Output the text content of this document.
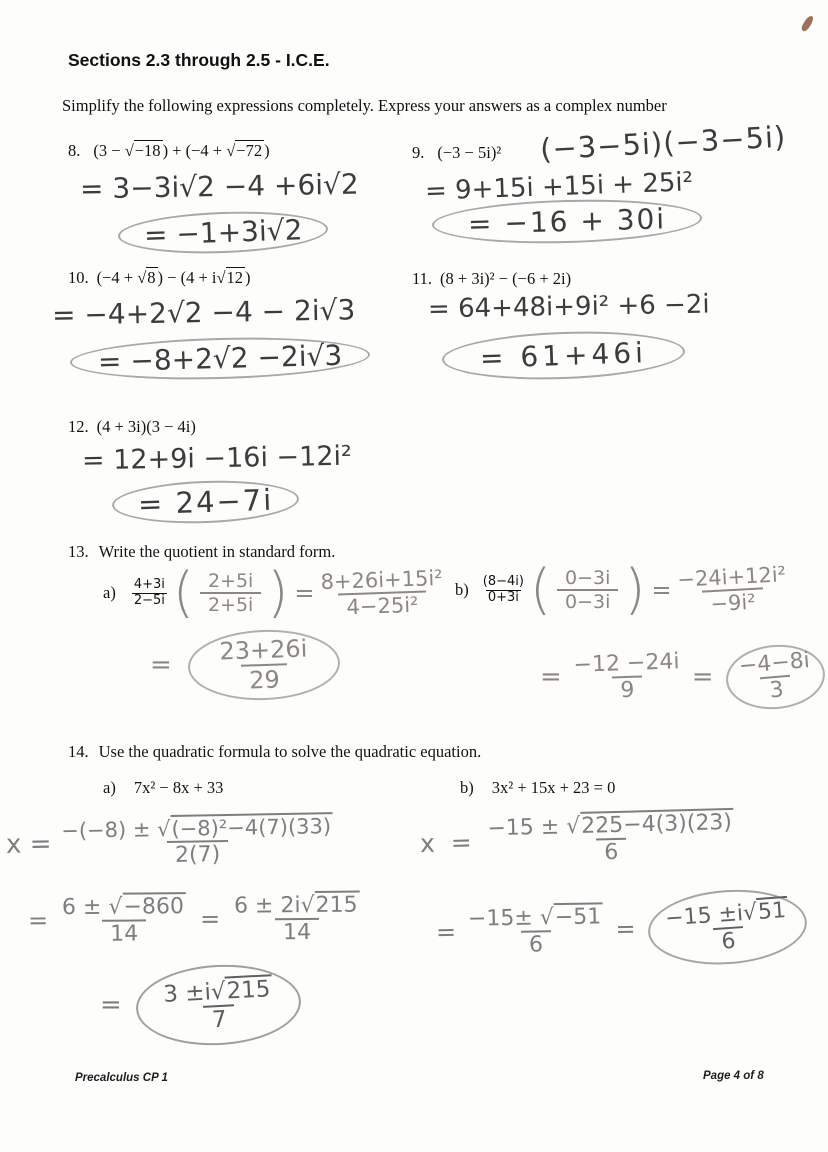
Sections 2.3 through 2.5 - I.C.E.
Simplify the following expressions completely. Express your answers as a complex number
8. (3 − √−18 ) + (−4 + √−72 )
= 3−3i√2 −4 +6i√2
= −1+3i√2
9. (−3 − 5i)² (−3−5i)(−3−5i)
= 9+15i +15i + 25i²
= −16 + 30i
10. (−4 + √8 ) − (4 + i√12 )
= −4+2√2 −4 − 2i√3
= −8+2√2 −2i√3
11. (8 + 3i)² − (−6 + 2i)
= 64+48i+9i² +6 −2i
= 61+46i
12. (4 + 3i)(3 − 4i)
= 12+9i −16i −12i²
= 24−7i
13. Write the quotient in standard form.
$a) \frac{4+3i}{2-5i}$ ( $\frac{2+5i}{2+5i}$ ) = $\frac{\text{8+26i+15i²}}{\text{4−25i²}}$
= $\frac{23+26i}{29}$
$b) \frac{(8-4i)}{0+3i}$ ( $\frac{0-3i}{0-3i}$ ) = $\frac{\text{−24i+12i²}}{\text{−9i²}}$
= $\frac{-12 -24i}{9} = \frac{-4-8i}{3}$
14. Use the quadratic formula to solve the quadratic equation.
a) 7x² − 8x + 33	b) 3x² + 15x + 23 = 0
$x = \frac{\text{−(−8) ± √(−8)²−4(7)(33)}}{2(7)}$
= $\frac{6 \pm √-860}{14} = \frac{6 \pm 2i√215}{14}$
= $\frac{3 \pm i√215}{7}$
$x = \frac{-15 \pm √225-4(3)(23)}{6}$
= $\frac{-15\pm √-51}{6} = \frac{-15 \pm i√51}{6}$
Precalculus CP 1	Page 4 of 8
